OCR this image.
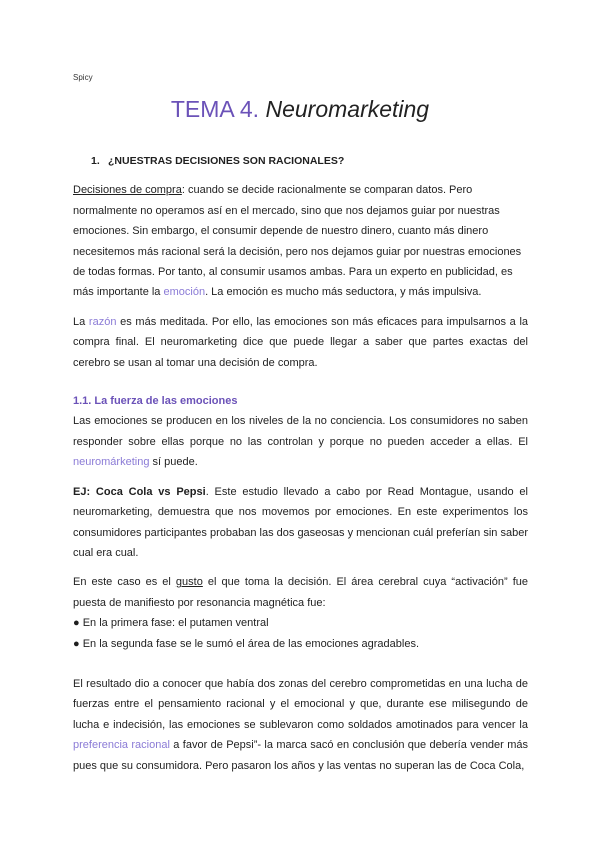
Spicy
TEMA 4. Neuromarketing
1. ¿NUESTRAS DECISIONES SON RACIONALES?

Decisiones de compra: cuando se decide racionalmente se comparan datos. Pero normalmente no operamos así en el mercado, sino que nos dejamos guiar por nuestras emociones. Sin embargo, el consumir depende de nuestro dinero, cuanto más dinero necesitemos más racional será la decisión, pero nos dejamos guiar por nuestras emociones de todas formas. Por tanto, al consumir usamos ambas. Para un experto en publicidad, es más importante la emoción. La emoción es mucho más seductora, y más impulsiva.

La razón es más meditada. Por ello, las emociones son más eficaces para impulsarnos a la compra final. El neuromarketing dice que puede llegar a saber que partes exactas del cerebro se usan al tomar una decisión de compra.

1.1. La fuerza de las emociones

Las emociones se producen en los niveles de la no conciencia. Los consumidores no saben responder sobre ellas porque no las controlan y porque no pueden acceder a ellas. El neuromárketing sí puede.

EJ: Coca Cola vs Pepsi. Este estudio llevado a cabo por Read Montague, usando el neuromarketing, demuestra que nos movemos por emociones. En este experimentos los consumidores participantes probaban las dos gaseosas y mencionan cuál preferían sin saber cual era cual.

En este caso es el gusto el que toma la decisión. El área cerebral cuya “activación” fue puesta de manifiesto por resonancia magnética fue:

● En la primera fase: el putamen ventral

● En la segunda fase se le sumó el área de las emociones agradables.

El resultado dio a conocer que había dos zonas del cerebro comprometidas en una lucha de fuerzas entre el pensamiento racional y el emocional y que, durante ese milisegundo de lucha e indecisión, las emociones se sublevaron como soldados amotinados para vencer la preferencia racional a favor de Pepsi”- la marca sacó en conclusión que debería vender más pues que su consumidora. Pero pasaron los años y las ventas no superan las de Coca Cola,
